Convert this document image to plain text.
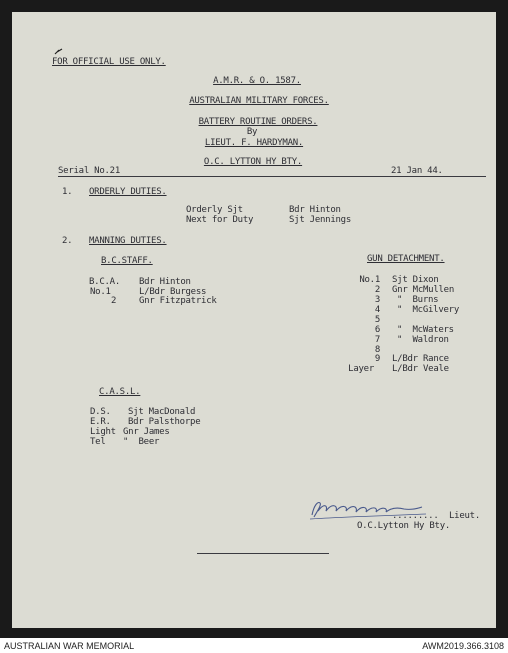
FOR OFFICIAL USE ONLY.
A.M.R. & O. 1587.
AUSTRALIAN MILITARY FORCES.
BATTERY ROUTINE ORDERS.
By
LIEUT. F. HARDYMAN.
O.C. LYTTON HY BTY.
Serial No.21	21 Jan 44.
1. ORDERLY DUTIES.
Orderly Sjt	Bdr Hinton
Next for Duty	Sjt Jennings
2. MANNING DUTIES.
B.C.STAFF.
B.C.A. Bdr Hinton
No.1	L/Bdr Burgess
2	Gnr Fitzpatrick
GUN DETACHMENT.
No.1 Sjt Dixon
2 Gnr McMullen
3 "  Burns
4 "  McGilvery
5
6 "  McWaters
7 "  Waldron
8
9 L/Bdr Rance
Layer L/Bdr Veale
C.A.S.L.
D.S. Sjt MacDonald
E.R. Bdr Palsthorpe
Light Gnr James
Tel "  Beer
......... Lieut.
O.C.Lytton Hy Bty.
AUSTRALIAN WAR MEMORIAL	AWM2019.366.3108
